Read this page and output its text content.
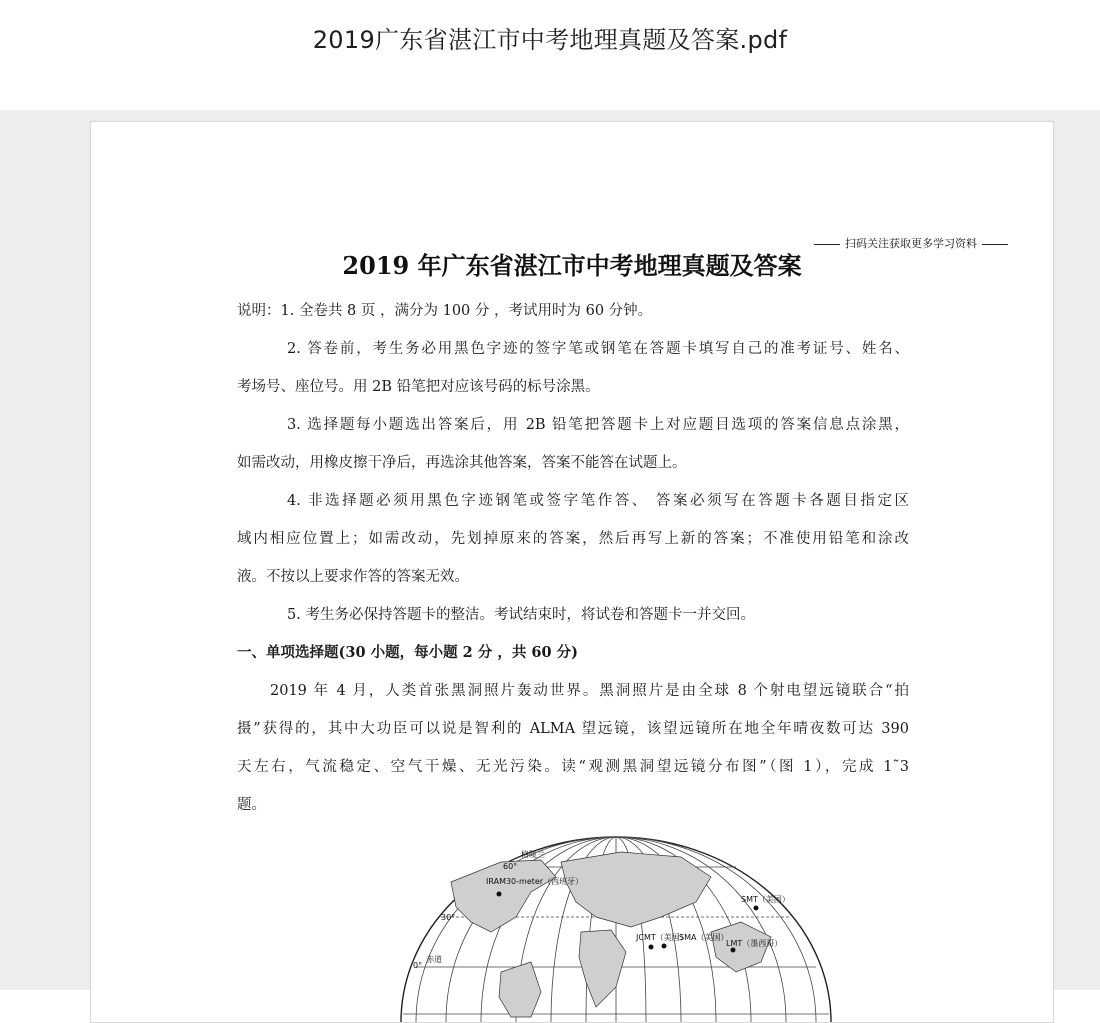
2019广东省湛江市中考地理真题及答案.pdf
扫码关注获取更多学习资料
2019 年广东省湛江市中考地理真题及答案

说明：1. 全卷共 8 页 ，满分为 100 分 ，考试用时为 60 分钟。

2. 答卷前，考生务必用黑色字迹的签字笔或钢笔在答题卡填写自己的准考证号、姓名、

考场号、座位号。用 2B 铅笔把对应该号码的标号涂黑。

3. 选择题每小题选出答案后，用 2B 铅笔把答题卡上对应题目选项的答案信息点涂黑，

如需改动，用橡皮擦干净后，再选涂其他答案，答案不能答在试题上。

4. 非选择题必须用黑色字迹钢笔或签字笔作答、 答案必须写在答题卡各题目指定区

域内相应位置上；如需改动，先划掉原来的答案，然后再写上新的答案；不准使用铅笔和涂改

液。不按以上要求作答的答案无效。

5. 考生务必保持答题卡的整洁。考试结束时，将试卷和答题卡一并交回。

一、单项选择题(30 小题，每小题 2 分 ，共 60 分)

2019 年 4 月，人类首张黑洞照片轰动世界。黑洞照片是由全球 8 个射电望远镜联合“拍

摄”获得的，其中大功臣可以说是智利的 ALMA 望远镜，该望远镜所在地全年晴夜数可达 390

天左右，气流稳定、空气干燥、无光污染。读“观测黑洞望远镜分布图”（图 1），完成 1˜3

题。

格陵兰
60°
IRAM30-meter（西班牙）
30°
SMT（美国）
JCMT（美国）
SMA（美国）
LMT（墨西哥）
0°
赤道
